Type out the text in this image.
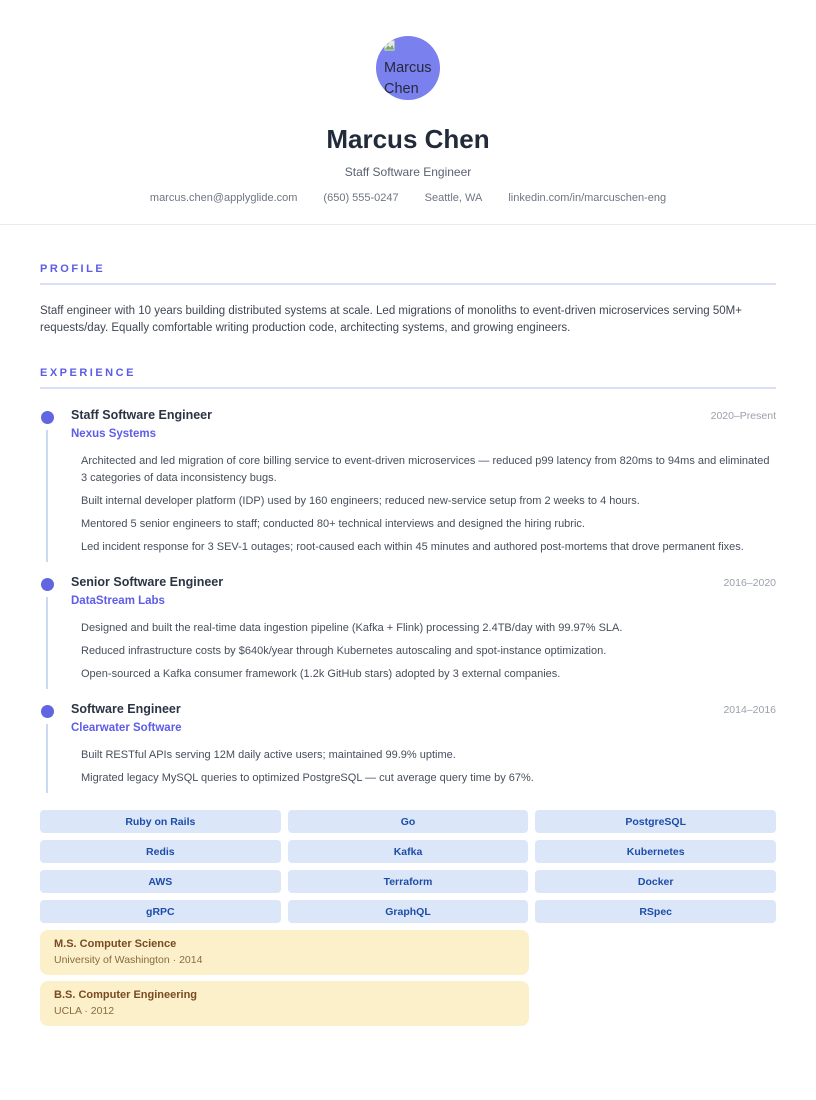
Marcus Chen
Marcus Chen
Staff Software Engineer
marcus.chen@applyglide.com (650) 555-0247 Seattle, WA linkedin.com/in/marcuschen-eng
PROFILE

Staff engineer with 10 years building distributed systems at scale. Led migrations of monoliths to event-driven microservices serving 50M+ requests/day. Equally comfortable writing production code, architecting systems, and growing engineers.

EXPERIENCE
Staff Software Engineer	2020–Present
Nexus Systems

Architected and led migration of core billing service to event-driven microservices — reduced p99 latency from 820ms to 94ms and eliminated 3 categories of data inconsistency bugs.

Built internal developer platform (IDP) used by 160 engineers; reduced new-service setup from 2 weeks to 4 hours.

Mentored 5 senior engineers to staff; conducted 80+ technical interviews and designed the hiring rubric.

Led incident response for 3 SEV-1 outages; root-caused each within 45 minutes and authored post-mortems that drove permanent fixes.

Senior Software Engineer	2016–2020
DataStream Labs

Designed and built the real-time data ingestion pipeline (Kafka + Flink) processing 2.4TB/day with 99.97% SLA.

Reduced infrastructure costs by $640k/year through Kubernetes autoscaling and spot-instance optimization.

Open-sourced a Kafka consumer framework (1.2k GitHub stars) adopted by 3 external companies.

Software Engineer	2014–2016
Clearwater Software

Built RESTful APIs serving 12M daily active users; maintained 99.9% uptime.

Migrated legacy MySQL queries to optimized PostgreSQL — cut average query time by 67%.

Ruby on Rails	Go	PostgreSQL
Redis	Kafka	Kubernetes
AWS	Terraform	Docker
gRPC	GraphQL	RSpec
M.S. Computer Science
University of Washington · 2014
B.S. Computer Engineering
UCLA · 2012
